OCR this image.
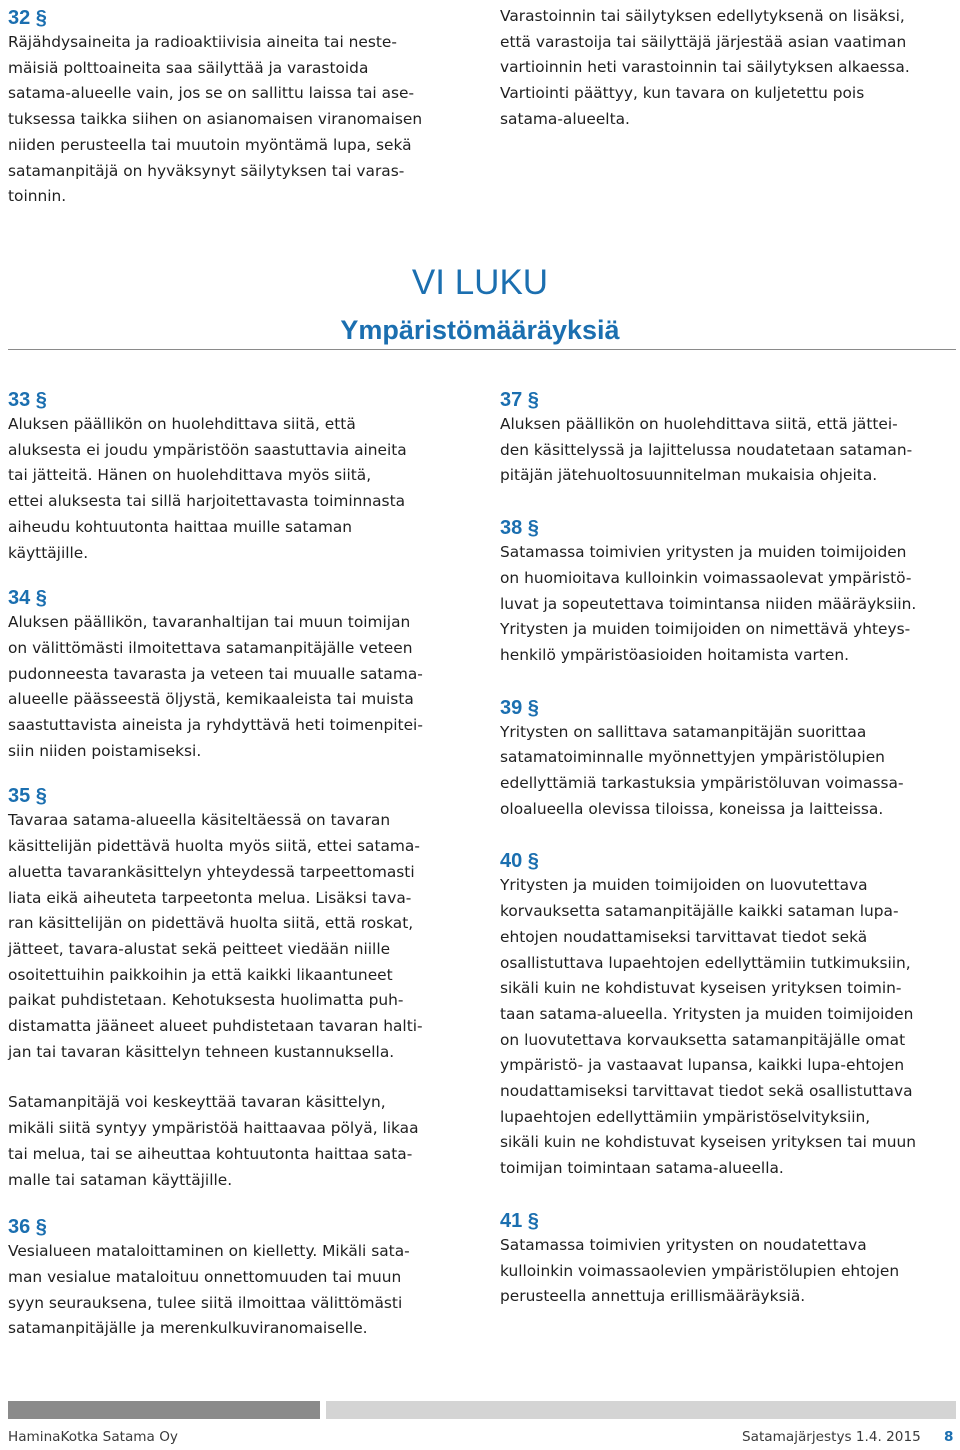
32 §
Räjähdysaineita ja radioaktiivisia aineita tai neste-
mäisiä polttoaineita saa säilyttää ja varastoida
satama-alueelle vain, jos se on sallittu laissa tai ase-
tuksessa taikka siihen on asianomaisen viranomaisen
niiden perusteella tai muutoin myöntämä lupa, sekä
satamanpitäjä on hyväksynyt säilytyksen tai varas-
toinnin.
Varastoinnin tai säilytyksen edellytyksenä on lisäksi,
että varastoija tai säilyttäjä järjestää asian vaatiman
vartioinnin heti varastoinnin tai säilytyksen alkaessa.
Vartiointi päättyy, kun tavara on kuljetettu pois
satama-alueelta.
VI LUKU
Ympäristömääräyksiä
33 §
Aluksen päällikön on huolehdittava siitä, että
aluksesta ei joudu ympäristöön saastuttavia aineita
tai jätteitä. Hänen on huolehdittava myös siitä,
ettei aluksesta tai sillä harjoitettavasta toiminnasta
aiheudu kohtuutonta haittaa muille sataman
käyttäjille.
34 §
Aluksen päällikön, tavaranhaltijan tai muun toimijan
on välittömästi ilmoitettava satamanpitäjälle veteen
pudonneesta tavarasta ja veteen tai muualle satama-
alueelle päässeestä öljystä, kemikaaleista tai muista
saastuttavista aineista ja ryhdyttävä heti toimenpitei-
siin niiden poistamiseksi.
35 §
Tavaraa satama-alueella käsiteltäessä on tavaran
käsittelijän pidettävä huolta myös siitä, ettei satama-
aluetta tavarankäsittelyn yhteydessä tarpeettomasti
liata eikä aiheuteta tarpeetonta melua. Lisäksi tava-
ran käsittelijän on pidettävä huolta siitä, että roskat,
jätteet, tavara-alustat sekä peitteet viedään niille
osoitettuihin paikkoihin ja että kaikki likaantuneet
paikat puhdistetaan. Kehotuksesta huolimatta puh-
distamatta jääneet alueet puhdistetaan tavaran halti-
jan tai tavaran käsittelyn tehneen kustannuksella.
Satamanpitäjä voi keskeyttää tavaran käsittelyn,
mikäli siitä syntyy ympäristöä haittaavaa pölyä, likaa
tai melua, tai se aiheuttaa kohtuutonta haittaa sata-
malle tai sataman käyttäjille.
36 §
Vesialueen mataloittaminen on kielletty. Mikäli sata-
man vesialue mataloituu onnettomuuden tai muun
syyn seurauksena, tulee siitä ilmoittaa välittömästi
satamanpitäjälle ja merenkulkuviranomaiselle.
37 §
Aluksen päällikön on huolehdittava siitä, että jättei-
den käsittelyssä ja lajittelussa noudatetaan sataman-
pitäjän jätehuoltosuunnitelman mukaisia ohjeita.
38 §
Satamassa toimivien yritysten ja muiden toimijoiden
on huomioitava kulloinkin voimassaolevat ympäristö-
luvat ja sopeutettava toimintansa niiden määräyksiin.
Yritysten ja muiden toimijoiden on nimettävä yhteys-
henkilö ympäristöasioiden hoitamista varten.
39 §
Yritysten on sallittava satamanpitäjän suorittaa
satamatoiminnalle myönnettyjen ympäristölupien
edellyttämiä tarkastuksia ympäristöluvan voimassa-
oloalueella olevissa tiloissa, koneissa ja laitteissa.
40 §
Yritysten ja muiden toimijoiden on luovutettava
korvauksetta satamanpitäjälle kaikki sataman lupa-
ehtojen noudattamiseksi tarvittavat tiedot sekä
osallistuttava lupaehtojen edellyttämiin tutkimuksiin,
sikäli kuin ne kohdistuvat kyseisen yrityksen toimin-
taan satama-alueella. Yritysten ja muiden toimijoiden
on luovutettava korvauksetta satamanpitäjälle omat
ympäristö- ja vastaavat lupansa, kaikki lupa-ehtojen
noudattamiseksi tarvittavat tiedot sekä osallistuttava
lupaehtojen edellyttämiin ympäristöselvityksiin,
sikäli kuin ne kohdistuvat kyseisen yrityksen tai muun
toimijan toimintaan satama-alueella.
41 §
Satamassa toimivien yritysten on noudatettava
kulloinkin voimassaolevien ympäristölupien ehtojen
perusteella annettuja erillismääräyksiä.
HaminaKotka Satama Oy	Satamajärjestys 1.4. 2015 8
